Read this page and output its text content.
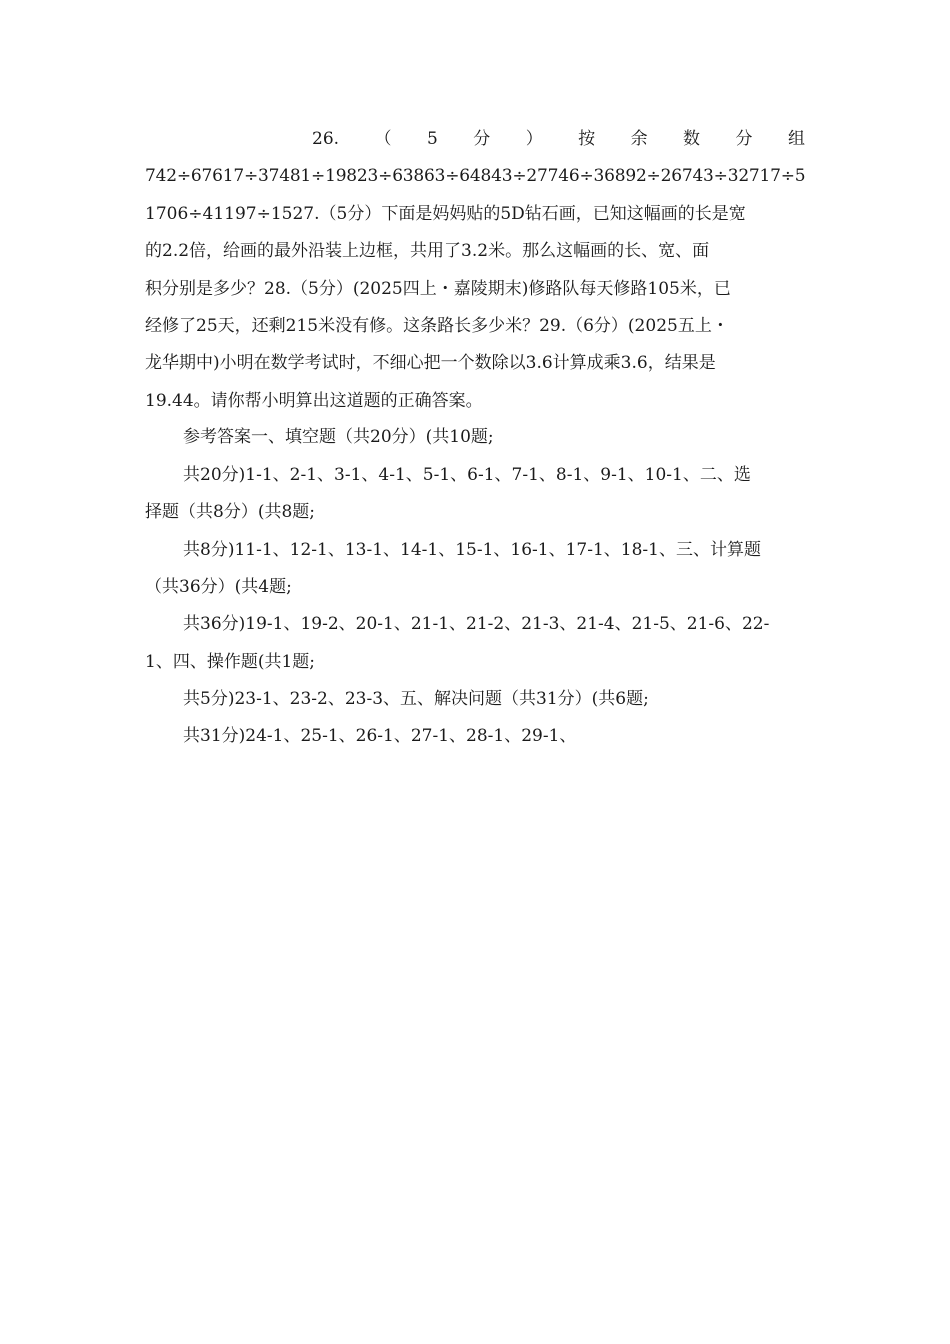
26. （ 5 分 ） 按 余 数 分 组
742÷67617÷37481÷19823÷63863÷64843÷27746÷36892÷26743÷32717÷5
1706÷41197÷1527.（5分）下面是妈妈贴的5D钻石画，已知这幅画的长是宽
的2.2倍，给画的最外沿装上边框，共用了3.2米。那么这幅画的长、宽、面
积分别是多少？28.（5分）(2025四上・嘉陵期末)修路队每天修路105米，已
经修了25天，还剩215米没有修。这条路长多少米？29.（6分）(2025五上・
龙华期中)小明在数学考试时，不细心把一个数除以3.6计算成乘3.6，结果是
19.44。请你帮小明算出这道题的正确答案。
参考答案一、填空题（共20分）(共10题;
共20分)1-1、2-1、3-1、4-1、5-1、6-1、7-1、8-1、9-1、10-1、二、选
择题（共8分）(共8题;
共8分)11-1、12-1、13-1、14-1、15-1、16-1、17-1、18-1、三、计算题
（共36分）(共4题;
共36分)19-1、19-2、20-1、21-1、21-2、21-3、21-4、21-5、21-6、22-
1、四、操作题(共1题;
共5分)23-1、23-2、23-3、五、解决问题（共31分）(共6题;
共31分)24-1、25-1、26-1、27-1、28-1、29-1、
